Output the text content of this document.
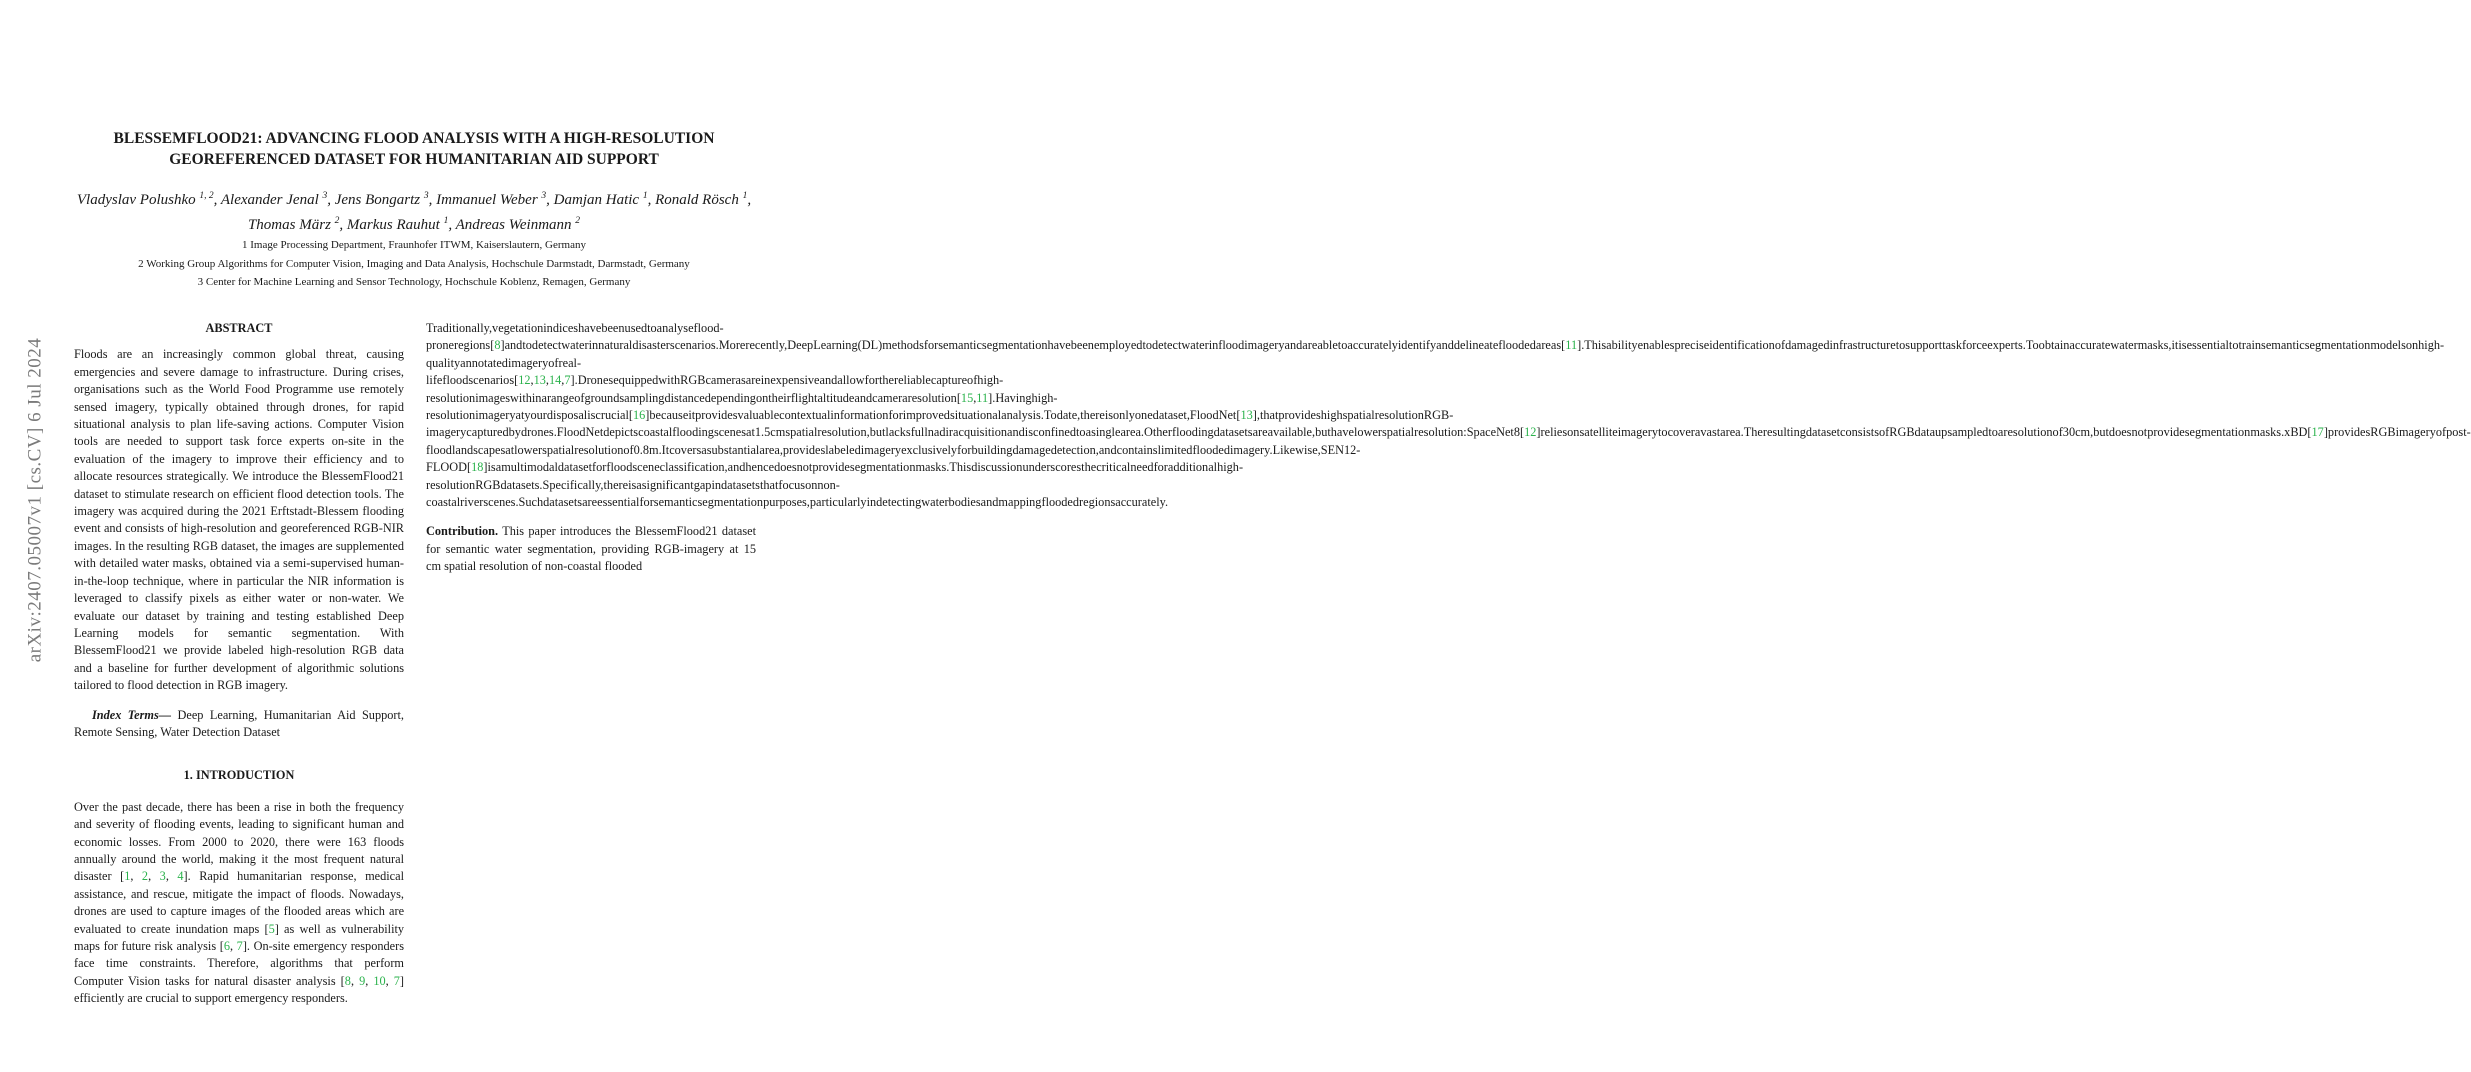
arXiv:2407.05007v1 [cs.CV] 6 Jul 2024
BLESSEMFLOOD21: ADVANCING FLOOD ANALYSIS WITH A HIGH-RESOLUTION
GEOREFERENCED DATASET FOR HUMANITARIAN AID SUPPORT

Vladyslav Polushko $^{1, 2}$, Alexander Jenal $^3$, Jens Bongartz $^3$, Immanuel Weber $^3$, Damjan Hatic $^1$, Ronald Rösch $^1$, Thomas März $^2$, Markus Rauhut $^1$, Andreas Weinmann $^2$

1 Image Processing Department, Fraunhofer ITWM, Kaiserslautern, Germany
2 Working Group Algorithms for Computer Vision, Imaging and Data Analysis, Hochschule Darmstadt, Darmstadt, Germany
3 Center for Machine Learning and Sensor Technology, Hochschule Koblenz, Remagen, Germany
ABSTRACT

Floods are an increasingly common global threat, causing emergencies and severe damage to infrastructure. During crises, organisations such as the World Food Programme use remotely sensed imagery, typically obtained through drones, for rapid situational analysis to plan life-saving actions. Computer Vision tools are needed to support task force experts on-site in the evaluation of the imagery to improve their efficiency and to allocate resources strategically. We introduce the BlessemFlood21 dataset to stimulate research on efficient flood detection tools. The imagery was acquired during the 2021 Erftstadt-Blessem flooding event and consists of high-resolution and georeferenced RGB-NIR images. In the resulting RGB dataset, the images are supplemented with detailed water masks, obtained via a semi-supervised human-in-the-loop technique, where in particular the NIR information is leveraged to classify pixels as either water or non-water. We evaluate our dataset by training and testing established Deep Learning models for semantic segmentation. With BlessemFlood21 we provide labeled high-resolution RGB data and a baseline for further development of algorithmic solutions tailored to flood detection in RGB imagery.

Index Terms— Deep Learning, Humanitarian Aid Support, Remote Sensing, Water Detection Dataset

1. INTRODUCTION

Over the past decade, there has been a rise in both the frequency and severity of flooding events, leading to significant human and economic losses. From 2000 to 2020, there were 163 floods annually around the world, making it the most frequent natural disaster [1, 2, 3, 4]. Rapid humanitarian response, medical assistance, and rescue, mitigate the impact of floods. Nowadays, drones are used to capture images of the flooded areas which are evaluated to create inundation maps [5] as well as vulnerability maps for future risk analysis [6, 7]. On-site emergency responders face time constraints. Therefore, algorithms that perform Computer Vision tasks for natural disaster analysis [8, 9, 10, 7] efficiently are crucial to support emergency responders.

Traditionally,vegetationindiceshavebeenusedtoanalyseflood-proneregions[8]andtodetectwaterinnaturaldisasterscenarios.Morerecently,DeepLearning(DL)methodsforsemanticsegmentationhavebeenemployedtodetectwaterinfloodimageryandareabletoaccuratelyidentifyanddelineatefloodedareas[11].Thisabilityenablespreciseidentificationofdamagedinfrastructuretosupporttaskforceexperts.Toobtainaccuratewatermasks,itisessentialtotrainsemanticsegmentationmodelsonhigh-qualityannotatedimageryofreal-lifefloodscenarios[12,13,14,7].DronesequippedwithRGBcamerasareinexpensiveandallowforthereliablecaptureofhigh-resolutionimageswithinarangeofgroundsamplingdistancedependingontheirflightaltitudeandcameraresolution[15,11].Havinghigh-resolutionimageryatyourdisposaliscrucial[16]becauseitprovidesvaluablecontextualinformationforimprovedsituationalanalysis.Todate,thereisonlyonedataset,FloodNet[13],thatprovideshighspatialresolutionRGB-imagerycapturedbydrones.FloodNetdepictscoastalfloodingscenesat1.5cmspatialresolution,butlacksfullnadiracquisitionandisconfinedtoasinglearea.Otherfloodingdatasetsareavailable,buthavelowerspatialresolution:SpaceNet8[12]reliesonsatelliteimagerytocoveravastarea.TheresultingdatasetconsistsofRGBdataupsampledtoaresolutionof30cm,butdoesnotprovidesegmentationmasks.xBD[17]providesRGBimageryofpost-floodlandscapesatlowerspatialresolutionof0.8m.Itcoversasubstantialarea,provideslabeledimageryexclusivelyforbuildingdamagedetection,andcontainslimitedfloodedimagery.Likewise,SEN12-FLOOD[18]isamultimodaldatasetforfloodsceneclassification,andhencedoesnotprovidesegmentationmasks.Thisdiscussionunderscoresthecriticalneedforadditionalhigh-resolutionRGBdatasets.Specifically,thereisasignificantgapindatasetsthatfocusonnon-coastalriverscenes.Suchdatasetsareessentialforsemanticsegmentationpurposes,particularlyindetectingwaterbodiesandmappingfloodedregionsaccurately.

Contribution. This paper introduces the BlessemFlood21 dataset for semantic water segmentation, providing RGB-imagery at 15 cm spatial resolution of non-coastal flooded
